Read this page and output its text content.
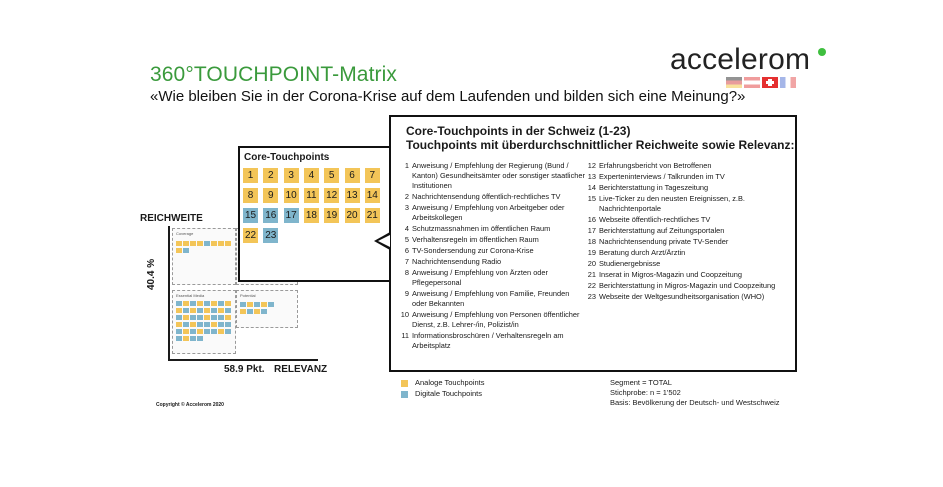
360°TOUCHPOINT-Matrix
«Wie bleiben Sie in der Corona-Krise auf dem Laufenden und bilden sich eine Meinung?»
accelerom
REICHWEITE
40.4 %
58.9 Pkt. RELEVANZ
Coverage
Essential Media	Potential
Core-Touchpoints
1	2	3	4	5	6	7
8	9	10 11 12 13 14
15 16 17 18 19 20 21
22 23
Core-Touchpoints in der Schweiz (1-23)
Touchpoints mit überdurchschnittlicher Reichweite sowie Relevanz:
1 Anweisung / Empfehlung der Regierung (Bund / Kanton) Gesundheitsämter oder sonstiger staatlicher Institutionen
2 Nachrichtensendung öffentlich-rechtliches TV
3 Anweisung / Empfehlung von Arbeitgeber oder Arbeitskollegen
4 Schutzmassnahmen im öffentlichen Raum
5 Verhaltensregeln im öffentlichen Raum
6 TV-Sondersendung zur Corona-Krise
7 Nachrichtensendung Radio
8 Anweisung / Empfehlung von Ärzten oder Pflegepersonal
9 Anweisung / Empfehlung von Familie, Freunden oder Bekannten
10 Anweisung / Empfehlung von Personen öffentlicher Dienst, z.B. Lehrer-/in, Polizist/in
11 Informationsbroschüren / Verhaltensregeln am Arbeitsplatz
12 Erfahrungsbericht von Betroffenen
13 Experteninterviews / Talkrunden im TV
14 Berichterstattung in Tageszeitung
15 Live-Ticker zu den neusten Ereignissen, z.B. Nachrichtenportale
16 Webseite öffentlich-rechtliches TV
17 Berichterstattung auf Zeitungsportalen
18 Nachrichtensendung private TV-Sender
19 Beratung durch Arzt/Ärztin
20 Studienergebnisse
21 Inserat in Migros-Magazin und Coopzeitung
22 Berichterstattung in Migros-Magazin und Coopzeitung
23 Webseite der Weltgesundheitsorganisation (WHO)
Analoge Touchpoints
Digitale Touchpoints
Segment = TOTAL
Stichprobe: n = 1'502
Basis: Bevölkerung der Deutsch- und Westschweiz
Copyright © Accelerom 2020
